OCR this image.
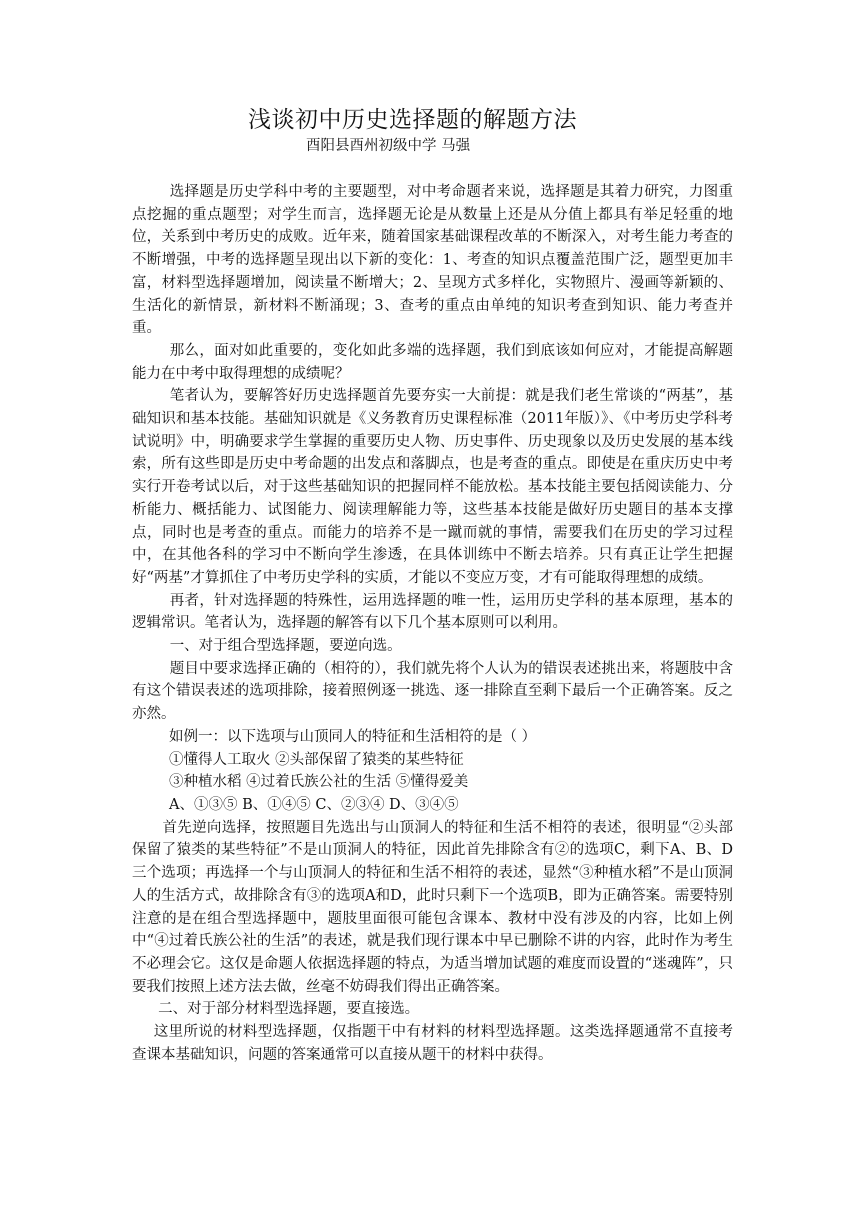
浅谈初中历史选择题的解题方法
酉阳县酉州初级中学 马强

选择题是历史学科中考的主要题型，对中考命题者来说，选择题是其着力研究，力图重点挖掘的重点题型；对学生而言，选择题无论是从数量上还是从分值上都具有举足轻重的地位，关系到中考历史的成败。近年来，随着国家基础课程改革的不断深入，对考生能力考查的不断增强，中考的选择题呈现出以下新的变化：1、考查的知识点覆盖范围广泛，题型更加丰富，材料型选择题增加，阅读量不断增大；2、呈现方式多样化，实物照片、漫画等新颖的、生活化的新情景，新材料不断涌现；3、查考的重点由单纯的知识考查到知识、能力考查并重。

那么，面对如此重要的，变化如此多端的选择题，我们到底该如何应对，才能提高解题能力在中考中取得理想的成绩呢？

笔者认为，要解答好历史选择题首先要夯实一大前提：就是我们老生常谈的“两基”，基础知识和基本技能。基础知识就是《义务教育历史课程标准（2011年版）》、《中考历史学科考试说明》中，明确要求学生掌握的重要历史人物、历史事件、历史现象以及历史发展的基本线索，所有这些即是历史中考命题的出发点和落脚点，也是考查的重点。即使是在重庆历史中考实行开卷考试以后，对于这些基础知识的把握同样不能放松。基本技能主要包括阅读能力、分析能力、概括能力、试图能力、阅读理解能力等，这些基本技能是做好历史题目的基本支撑点，同时也是考查的重点。而能力的培养不是一蹴而就的事情，需要我们在历史的学习过程中，在其他各科的学习中不断向学生渗透，在具体训练中不断去培养。只有真正让学生把握好“两基”才算抓住了中考历史学科的实质，才能以不变应万变，才有可能取得理想的成绩。

再者，针对选择题的特殊性，运用选择题的唯一性，运用历史学科的基本原理，基本的逻辑常识。笔者认为，选择题的解答有以下几个基本原则可以利用。

一、对于组合型选择题，要逆向选。

题目中要求选择正确的（相符的），我们就先将个人认为的错误表述挑出来，将题肢中含有这个错误表述的选项排除，接着照例逐一挑选、逐一排除直至剩下最后一个正确答案。反之亦然。

如例一：以下选项与山顶同人的特征和生活相符的是（ ）

①懂得人工取火 ②头部保留了猿类的某些特征

③种植水稻 ④过着氏族公社的生活 ⑤懂得爱美

A、①③⑤ B、①④⑤ C、②③④ D、③④⑤

首先逆向选择，按照题目先选出与山顶洞人的特征和生活不相符的表述，很明显“②头部保留了猿类的某些特征”不是山顶洞人的特征，因此首先排除含有②的选项C，剩下A、B、D三个选项；再选择一个与山顶洞人的特征和生活不相符的表述，显然“③种植水稻”不是山顶洞人的生活方式，故排除含有③的选项A和D，此时只剩下一个选项B，即为正确答案。需要特别注意的是在组合型选择题中，题肢里面很可能包含课本、教材中没有涉及的内容，比如上例中“④过着氏族公社的生活”的表述，就是我们现行课本中早已删除不讲的内容，此时作为考生不必理会它。这仅是命题人依据选择题的特点，为适当增加试题的难度而设置的“迷魂阵”，只要我们按照上述方法去做，丝毫不妨碍我们得出正确答案。

二、对于部分材料型选择题，要直接选。

这里所说的材料型选择题，仅指题干中有材料的材料型选择题。这类选择题通常不直接考查课本基础知识，问题的答案通常可以直接从题干的材料中获得。
